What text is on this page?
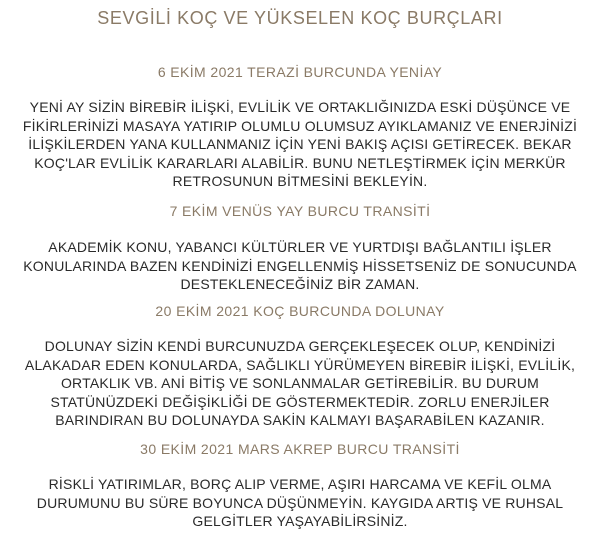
SEVGİLİ KOÇ VE YÜKSELEN KOÇ BURÇLARI
6 EKİM 2021 TERAZİ BURCUNDA YENİAY

YENİ AY SİZİN BİREBİR İLİŞKİ, EVLİLİK VE ORTAKLIĞINIZDA ESKİ DÜŞÜNCE VE FİKİRLERİNİZİ MASAYA YATIRIP OLUMLU OLUMSUZ AYIKLAMANIZ VE ENERJİNİZİ İLİŞKİLERDEN YANA KULLANMANIZ İÇİN YENİ BAKIŞ AÇISI GETİRECEK. BEKAR KOÇ'LAR EVLİLİK KARARLARI ALABİLİR. BUNU NETLEŞTİRMEK İÇİN MERKÜR RETROSUNUN BİTMESİNİ BEKLEYİN.

7 EKİM VENÜS YAY BURCU TRANSİTİ

AKADEMİK KONU, YABANCI KÜLTÜRLER VE YURTDIŞI BAĞLANTILI İŞLER KONULARINDA BAZEN KENDİNİZİ ENGELLENMİŞ HİSSETSENİZ DE SONUCUNDA DESTEKLENECEĞİNİZ BİR ZAMAN.

20 EKİM 2021 KOÇ BURCUNDA DOLUNAY

DOLUNAY SİZİN KENDİ BURCUNUZDA GERÇEKLEŞECEK OLUP, KENDİNİZİ ALAKADAR EDEN KONULARDA, SAĞLIKLI YÜRÜMEYEN BİREBİR İLİŞKİ, EVLİLİK, ORTAKLIK VB. ANİ BİTİŞ VE SONLANMALAR GETİREBİLİR. BU DURUM STATÜNÜZDEKİ DEĞİŞİKLİĞİ DE GÖSTERMEKTEDİR. ZORLU ENERJİLER BARINDIRAN BU DOLUNAYDA SAKİN KALMAYI BAŞARABİLEN KAZANIR.

30 EKİM 2021 MARS AKREP BURCU TRANSİTİ

RİSKLİ YATIRIMLAR, BORÇ ALIP VERME, AŞIRI HARCAMA VE KEFİL OLMA DURUMUNU BU SÜRE BOYUNCA DÜŞÜNMEYİN. KAYGIDA ARTIŞ VE RUHSAL GELGİTLER YAŞAYABİLİRSİNİZ.
